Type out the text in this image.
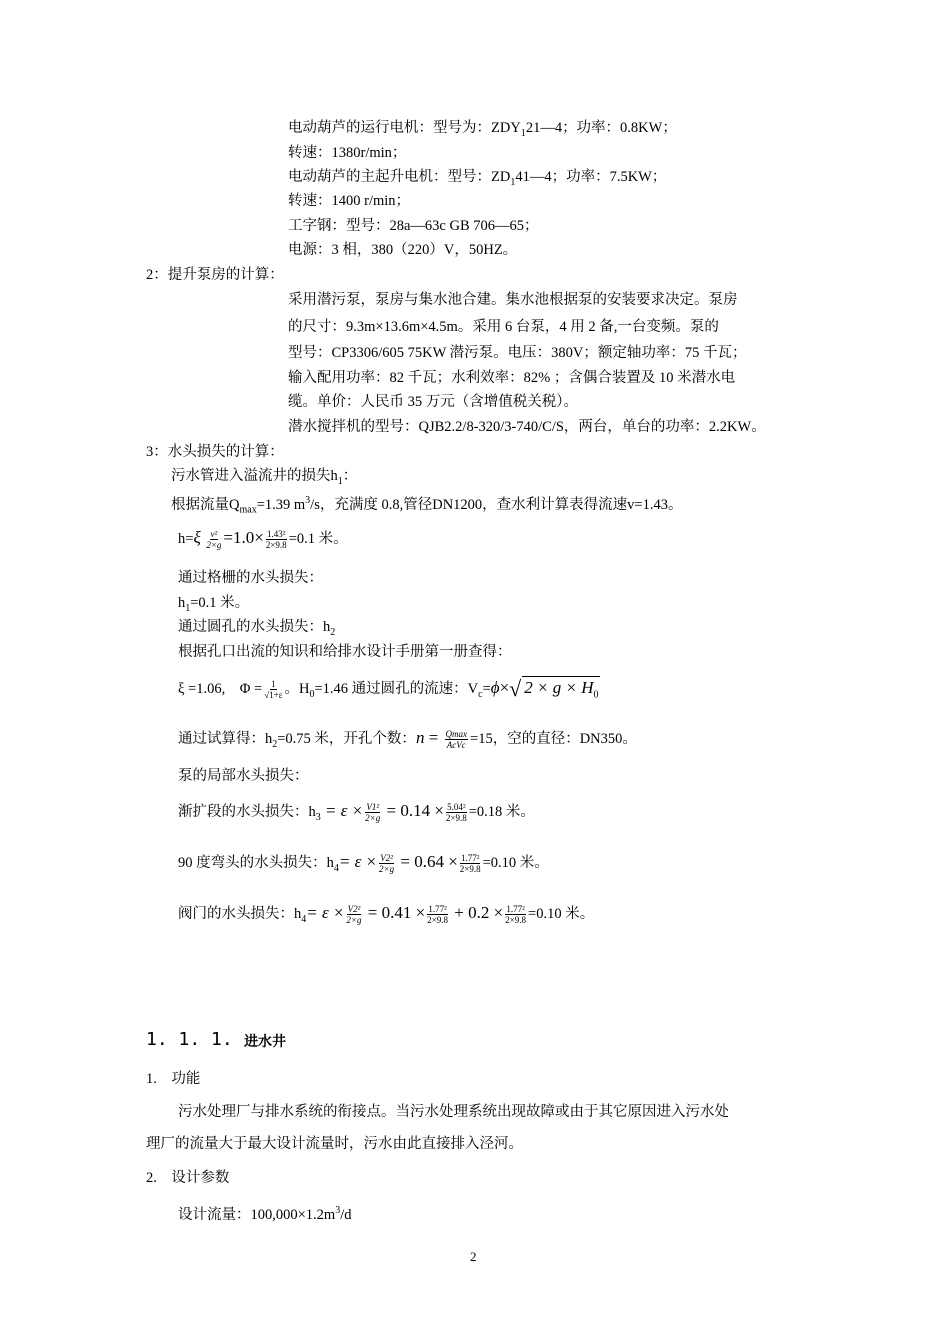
电动葫芦的运行电机：型号为：$ZDY_121—4$；功率：0.8KW；
转速：1380r/min；
电动葫芦的主起升电机：型号：$ZD_141—4$；功率：7.5KW；
转速：1400 r/min；
工字钢：型号：28a—63c GB 706—65；
电源：3 相，380（220）V，50HZ。
2：提升泵房的计算：
采用潜污泵，泵房与集水池合建。集水池根据泵的安装要求决定。泵房
的尺寸：9.3m×13.6m×4.5m。采用 6 台泵，4 用 2 备,一台变频。泵的
型号：CP3306/605 75KW 潜污泵。电压：380V；额定轴功率：75 千瓦；
输入配用功率：82 千瓦；水利效率：82% ；含偶合装置及 10 米潜水电
缆。单价：人民币 35 万元（含增值税关税）。
潜水搅拌机的型号：QJB2.2/8-320/3-740/C/S，两台，单台的功率：2.2KW。
3：水头损失的计算：
污水管进入溢流井的损失$h_1$：
根据流量$Q_{max}=1.39$ $m^3/s$，充满度 0.8,管径DN1200，查水利计算表得流速v=1.43。
$h=\xi \frac{\text{v²}}{2\times g} =1.0\times \frac{\text{1.43²}}{2\times 9.8} =0.1$ 米。
通过格栅的水头损失：
$h_1=0.1$ 米。
通过圆孔的水头损失：$h_2$
根据孔口出流的知识和给排水设计手册第一册查得：
ξ =1.06, $\Phi = \frac{1}{√1+\varepsilon}$ 。$H_0=1.46$ 通过圆孔的流速：$V_c=\phi\times√$ $2 \times g \times H_0$
通过试算得：$h_2=0.75$ 米，开孔个数：$n = \frac{Qmax}{\text{AcVc}} =15$，空的直径：DN350。
泵的局部水头损失：
渐扩段的水头损失：$h_3 = \varepsilon \times \frac{\text{V1²}}{2\times g} = 0.14 \times \frac{\text{5.04²}}{2\times 9.8} =0.18$ 米。
90 度弯头的水头损失：$h_4= \varepsilon \times \frac{\text{V2²}}{2\times g} = 0.64 \times \frac{\text{1.77²}}{2\times 9.8} =0.10$ 米。
阀门的水头损失：$h_4= \varepsilon \times \frac{\text{V2²}}{2\times g} = 0.41 \times \frac{\text{1.77²}}{2\times 9.8} + 0.2 \times \frac{\text{1.77²}}{2\times 9.8} =0.10$ 米。
1. 1. 1. 进水井
1.　功能
污水处理厂与排水系统的衔接点。当污水处理系统出现故障或由于其它原因进入污水处
理厂的流量大于最大设计流量时，污水由此直接排入泾河。
2.　设计参数
设计流量：$100,000\times 1.2m^3/d$
2
